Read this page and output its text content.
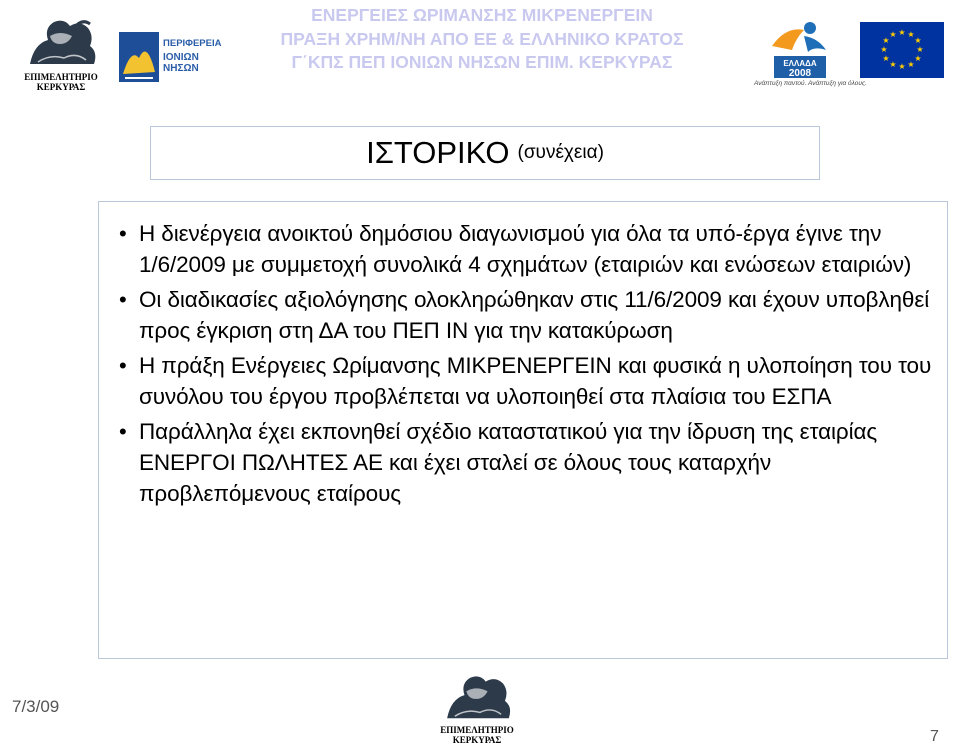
ΕΝΕΡΓΕΙΕΣ ΩΡΙΜΑΝΣΗΣ ΜΙΚΡΕΝΕΡΓΕΙΝ
ΠΡΑΞΗ ΧΡΗΜ/ΝΗ ΑΠΟ ΕΕ & ΕΛΛΗΝΙΚΟ ΚΡΑΤΟΣ
Γ΄ΚΠΣ ΠΕΠ ΙΟΝΙΩΝ ΝΗΣΩΝ ΕΠΙΜ. ΚΕΡΚΥΡΑΣ
ΕΠΙΜΕΛΗΤΗΡΙΟ
ΚΕΡΚΥΡΑΣ
ΠΕΡΙΦΕΡΕΙΑ
ΙΟΝΙΩΝ
ΝΗΣΩΝ	ΕΛΛΑΔΑ
2008
Ανάπτυξη παντού. Ανάπτυξη για όλους.
★ ★
★
★
★
★
★
★
★
★
★
★
ΙΣΤΟΡΙΚΟ (συνέχεια)
• Η διενέργεια ανοικτού δημόσιου διαγωνισμού για όλα τα υπό-έργα έγινε την 1/6/2009 με συμμετοχή συνολικά 4 σχημάτων (εταιριών και ενώσεων εταιριών)
• Οι διαδικασίες αξιολόγησης ολοκληρώθηκαν στις 11/6/2009 και έχουν υποβληθεί προς έγκριση στη ΔΑ του ΠΕΠ ΙΝ για την κατακύρωση
• Η πράξη Ενέργειες Ωρίμανσης ΜΙΚΡΕΝΕΡΓΕΙΝ και φυσικά η υλοποίηση του του συνόλου του έργου προβλέπεται να υλοποιηθεί στα πλαίσια του ΕΣΠΑ
• Παράλληλα έχει εκπονηθεί σχέδιο καταστατικού για την ίδρυση της εταιρίας ΕΝΕΡΓΟΙ ΠΩΛΗΤΕΣ ΑΕ και έχει σταλεί σε όλους τους καταρχήν προβλεπόμενους εταίρους
7/3/09
ΕΠΙΜΕΛΗΤΗΡΙΟ
ΚΕΡΚΥΡΑΣ	7
